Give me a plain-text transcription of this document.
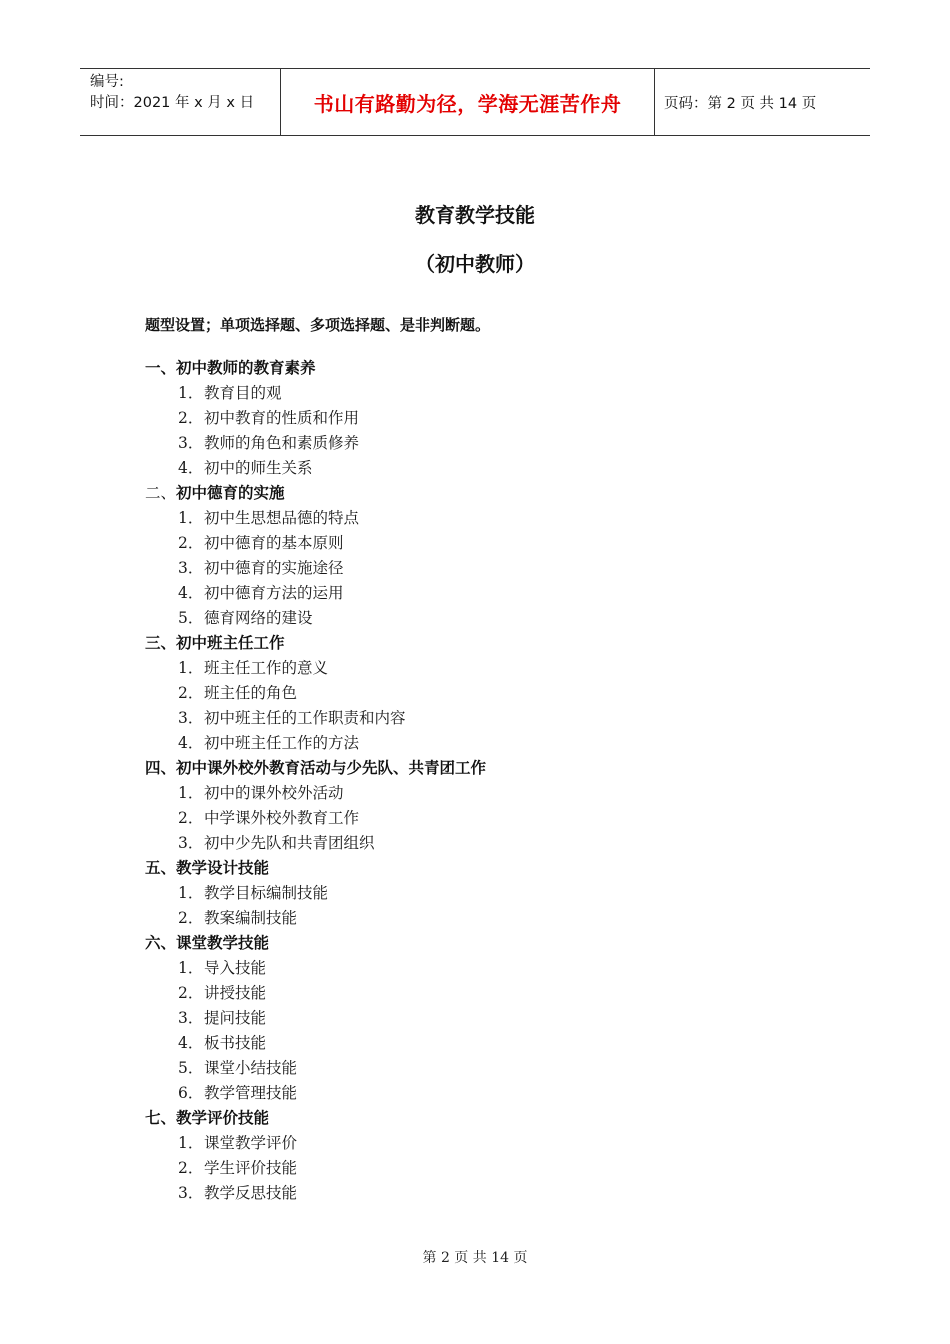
编号:
时间：2021 年 x 月 x 日	书山有路勤为径，学海无涯苦作舟	页码：第 2 页 共 14 页
教育教学技能
（初中教师）
题型设置；单项选择题、多项选择题、是非判断题。
一、初中教师的教育素养
1．教育目的观
2．初中教育的性质和作用
3．教师的角色和素质修养
4．初中的师生关系
二、初中德育的实施
1．初中生思想品德的特点
2．初中德育的基本原则
3．初中德育的实施途径
4．初中德育方法的运用
5．德育网络的建设
三、初中班主任工作
1．班主任工作的意义
2．班主任的角色
3．初中班主任的工作职责和内容
4．初中班主任工作的方法
四、初中课外校外教育活动与少先队、共青团工作
1．初中的课外校外活动
2．中学课外校外教育工作
3．初中少先队和共青团组织
五、教学设计技能
1．教学目标编制技能
2．教案编制技能
六、课堂教学技能
1．导入技能
2．讲授技能
3．提问技能
4．板书技能
5．课堂小结技能
6．教学管理技能
七、教学评价技能
1．课堂教学评价
2．学生评价技能
3．教学反思技能
第 2 页 共 14 页
